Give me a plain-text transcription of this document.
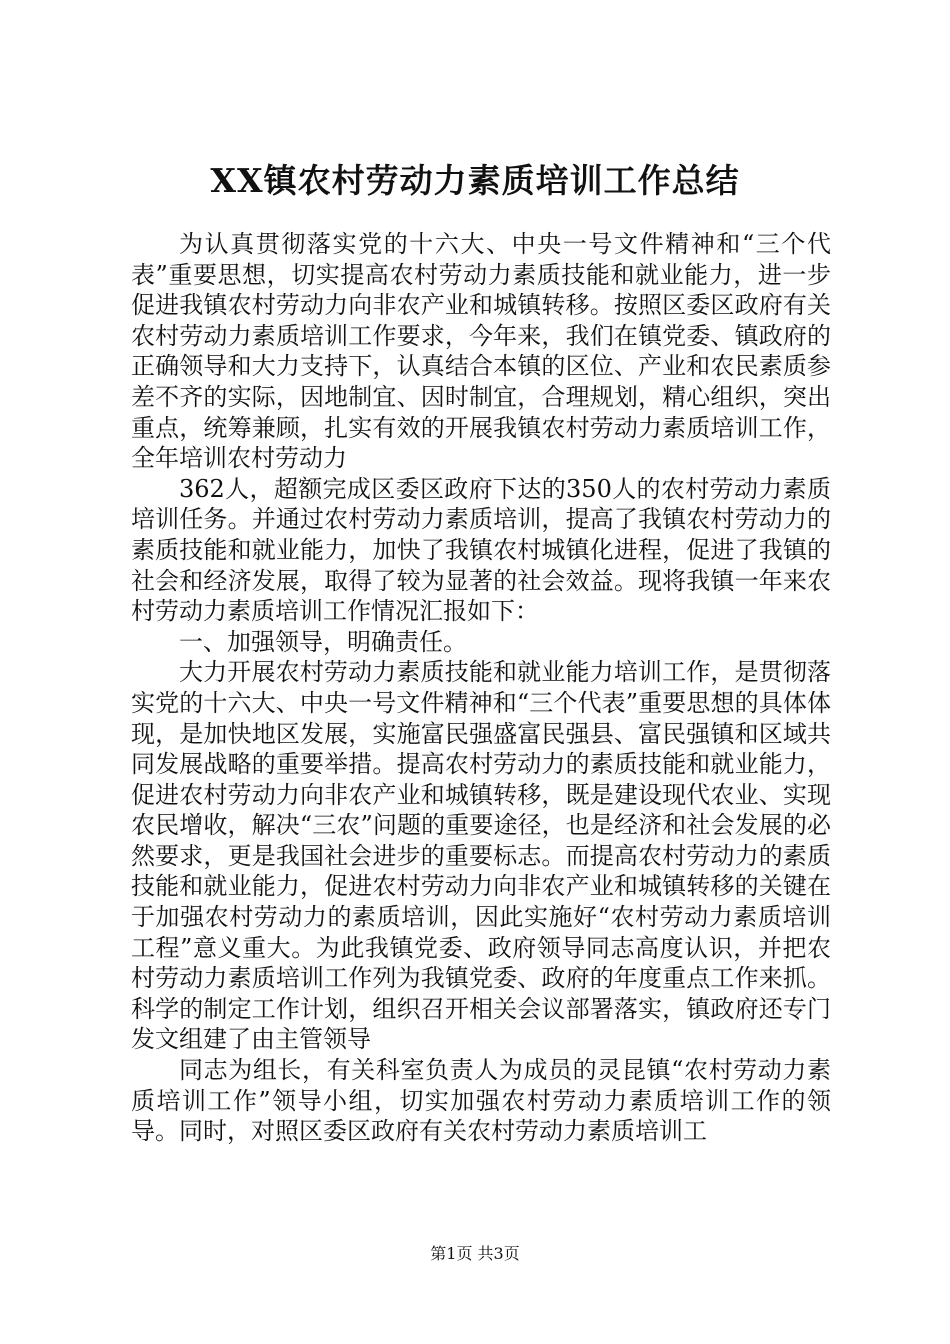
XX镇农村劳动力素质培训工作总结

为认真贯彻落实党的十六大、中央一号文件精神和“三个代表”重要思想，切实提高农村劳动力素质技能和就业能力，进一步促进我镇农村劳动力向非农产业和城镇转移。按照区委区政府有关农村劳动力素质培训工作要求，今年来，我们在镇党委、镇政府的正确领导和大力支持下，认真结合本镇的区位、产业和农民素质参差不齐的实际，因地制宜、因时制宜，合理规划，精心组织，突出重点，统筹兼顾，扎实有效的开展我镇农村劳动力素质培训工作，全年培训农村劳动力

362人，超额完成区委区政府下达的350人的农村劳动力素质培训任务。并通过农村劳动力素质培训，提高了我镇农村劳动力的素质技能和就业能力，加快了我镇农村城镇化进程，促进了我镇的社会和经济发展，取得了较为显著的社会效益。现将我镇一年来农村劳动力素质培训工作情况汇报如下：

一、加强领导，明确责任。

大力开展农村劳动力素质技能和就业能力培训工作，是贯彻落实党的十六大、中央一号文件精神和“三个代表”重要思想的具体体现，是加快地区发展，实施富民强盛富民强县、富民强镇和区域共同发展战略的重要举措。提高农村劳动力的素质技能和就业能力，促进农村劳动力向非农产业和城镇转移，既是建设现代农业、实现农民增收，解决“三农”问题的重要途径，也是经济和社会发展的必然要求，更是我国社会进步的重要标志。而提高农村劳动力的素质技能和就业能力，促进农村劳动力向非农产业和城镇转移的关键在于加强农村劳动力的素质培训，因此实施好“农村劳动力素质培训工程”意义重大。为此我镇党委、政府领导同志高度认识，并把农村劳动力素质培训工作列为我镇党委、政府的年度重点工作来抓。科学的制定工作计划，组织召开相关会议部署落实，镇政府还专门发文组建了由主管领导

同志为组长，有关科室负责人为成员的灵昆镇“农村劳动力素质培训工作”领导小组，切实加强农村劳动力素质培训工作的领导。同时，对照区委区政府有关农村劳动力素质培训工

第1页 共3页
